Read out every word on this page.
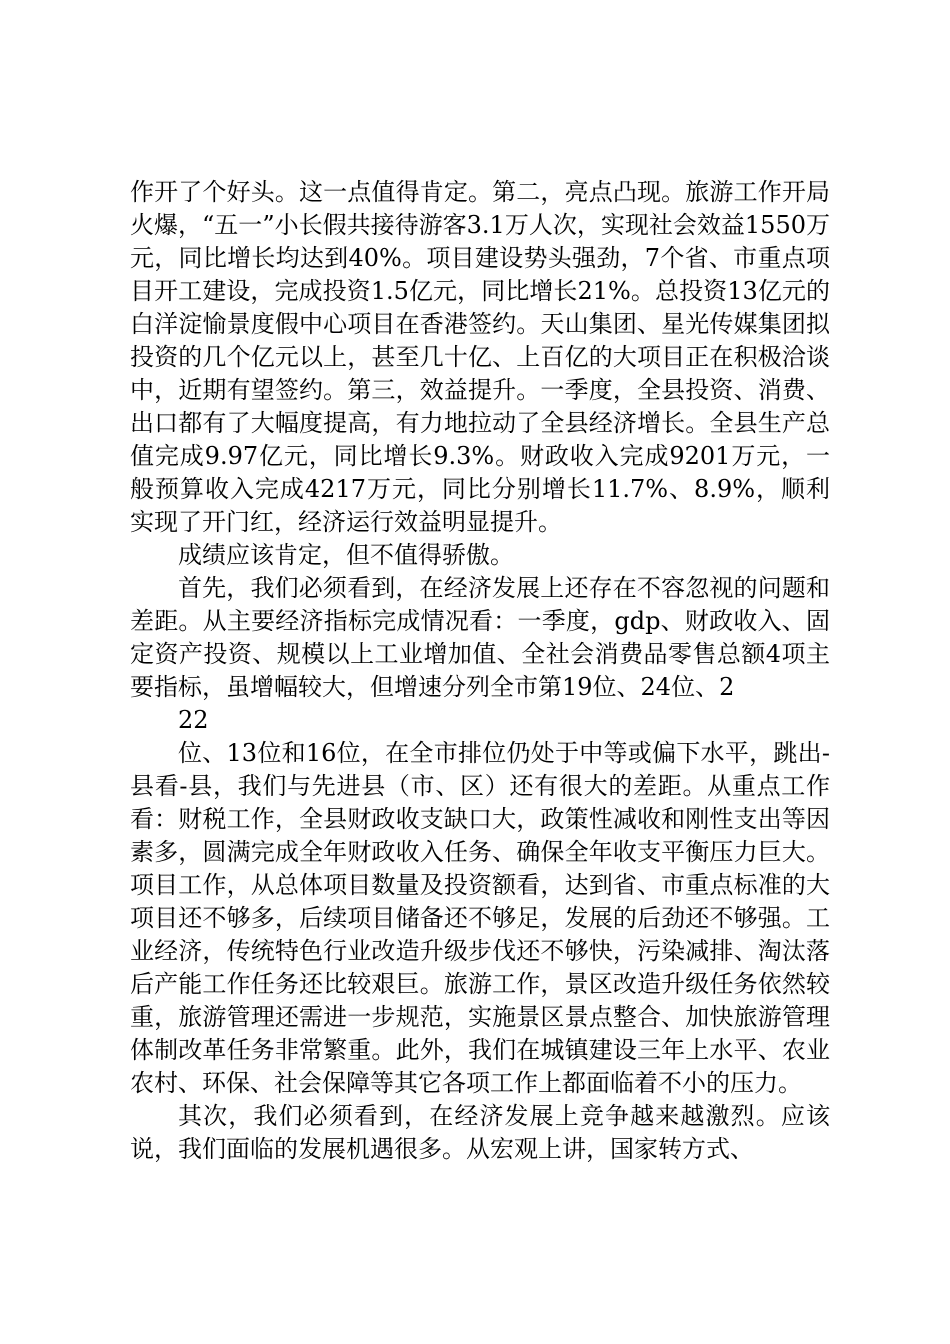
作开了个好头。这一点值得肯定。第二，亮点凸现。旅游工作开局火爆，“五一”小长假共接待游客3.1万人次，实现社会效益1550万元，同比增长均达到40%。项目建设势头强劲，7个省、市重点项目开工建设，完成投资1.5亿元，同比增长21%。总投资13亿元的白洋淀愉景度假中心项目在香港签约。天山集团、星光传媒集团拟投资的几个亿元以上，甚至几十亿、上百亿的大项目正在积极洽谈中，近期有望签约。第三，效益提升。一季度，全县投资、消费、出口都有了大幅度提高，有力地拉动了全县经济增长。全县生产总值完成9.97亿元，同比增长9.3%。财政收入完成9201万元，一般预算收入完成4217万元，同比分别增长11.7%、8.9%，顺利实现了开门红，经济运行效益明显提升。

成绩应该肯定，但不值得骄傲。

首先，我们必须看到，在经济发展上还存在不容忽视的问题和差距。从主要经济指标完成情况看：一季度，gdp、财政收入、固定资产投资、规模以上工业增加值、全社会消费品零售总额4项主要指标，虽增幅较大，但增速分列全市第19位、24位、2

22

位、13位和16位，在全市排位仍处于中等或偏下水平，跳出-县看-县，我们与先进县（市、区）还有很大的差距。从重点工作看：财税工作，全县财政收支缺口大，政策性减收和刚性支出等因素多，圆满完成全年财政收入任务、确保全年收支平衡压力巨大。项目工作，从总体项目数量及投资额看，达到省、市重点标准的大项目还不够多，后续项目储备还不够足，发展的后劲还不够强。工业经济，传统特色行业改造升级步伐还不够快，污染减排、淘汰落后产能工作任务还比较艰巨。旅游工作，景区改造升级任务依然较重，旅游管理还需进一步规范，实施景区景点整合、加快旅游管理体制改革任务非常繁重。此外，我们在城镇建设三年上水平、农业农村、环保、社会保障等其它各项工作上都面临着不小的压力。

其次，我们必须看到，在经济发展上竞争越来越激烈。应该说，我们面临的发展机遇很多。从宏观上讲，国家转方式、
